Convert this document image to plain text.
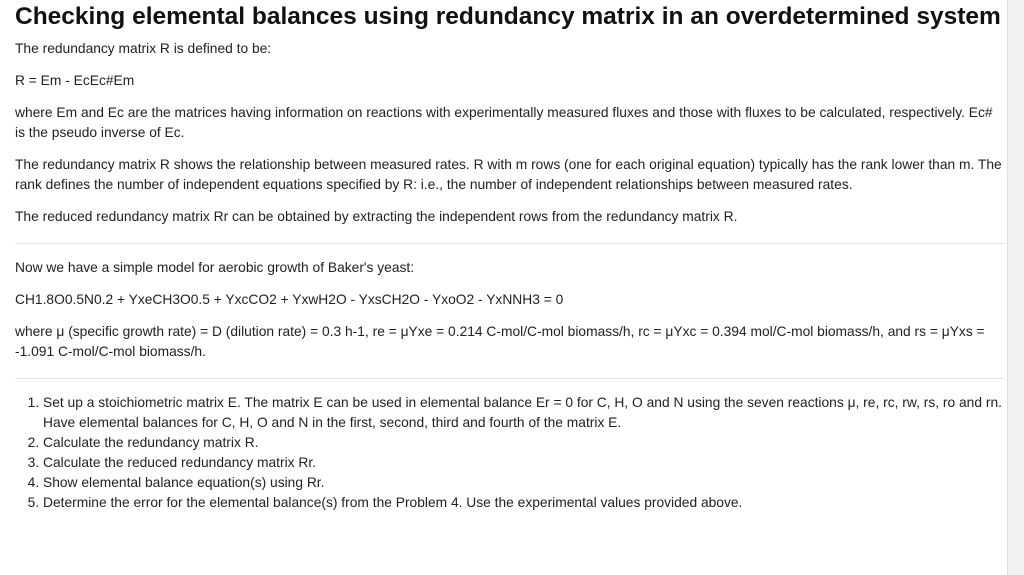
Checking elemental balances using redundancy matrix in an overdetermined system

The redundancy matrix R is defined to be:

R = Em - EcEc#Em

where Em and Ec are the matrices having information on reactions with experimentally measured fluxes and those with fluxes to be calculated, respectively. Ec# is the pseudo inverse of Ec.

The redundancy matrix R shows the relationship between measured rates. R with m rows (one for each original equation) typically has the rank lower than m. The rank defines the number of independent equations specified by R: i.e., the number of independent relationships between measured rates.

The reduced redundancy matrix Rr can be obtained by extracting the independent rows from the redundancy matrix R.

Now we have a simple model for aerobic growth of Baker's yeast:

CH1.8O0.5N0.2 + YxeCH3O0.5 + YxcCO2 + YxwH2O - YxsCH2O - YxoO2 - YxNNH3 = 0

where μ (specific growth rate) = D (dilution rate) = 0.3 h-1, re = μYxe = 0.214 C-mol/C-mol biomass/h, rc = μYxc = 0.394 mol/C-mol biomass/h, and rs = μYxs = -1.091 C-mol/C-mol biomass/h.

1. Set up a stoichiometric matrix E. The matrix E can be used in elemental balance Er = 0 for C, H, O and N using the seven reactions μ, re, rc, rw, rs, ro and rn. Have elemental balances for C, H, O and N in the first, second, third and fourth of the matrix E.
2. Calculate the redundancy matrix R.
3. Calculate the reduced redundancy matrix Rr.
4. Show elemental balance equation(s) using Rr.
5. Determine the error for the elemental balance(s) from the Problem 4. Use the experimental values provided above.
